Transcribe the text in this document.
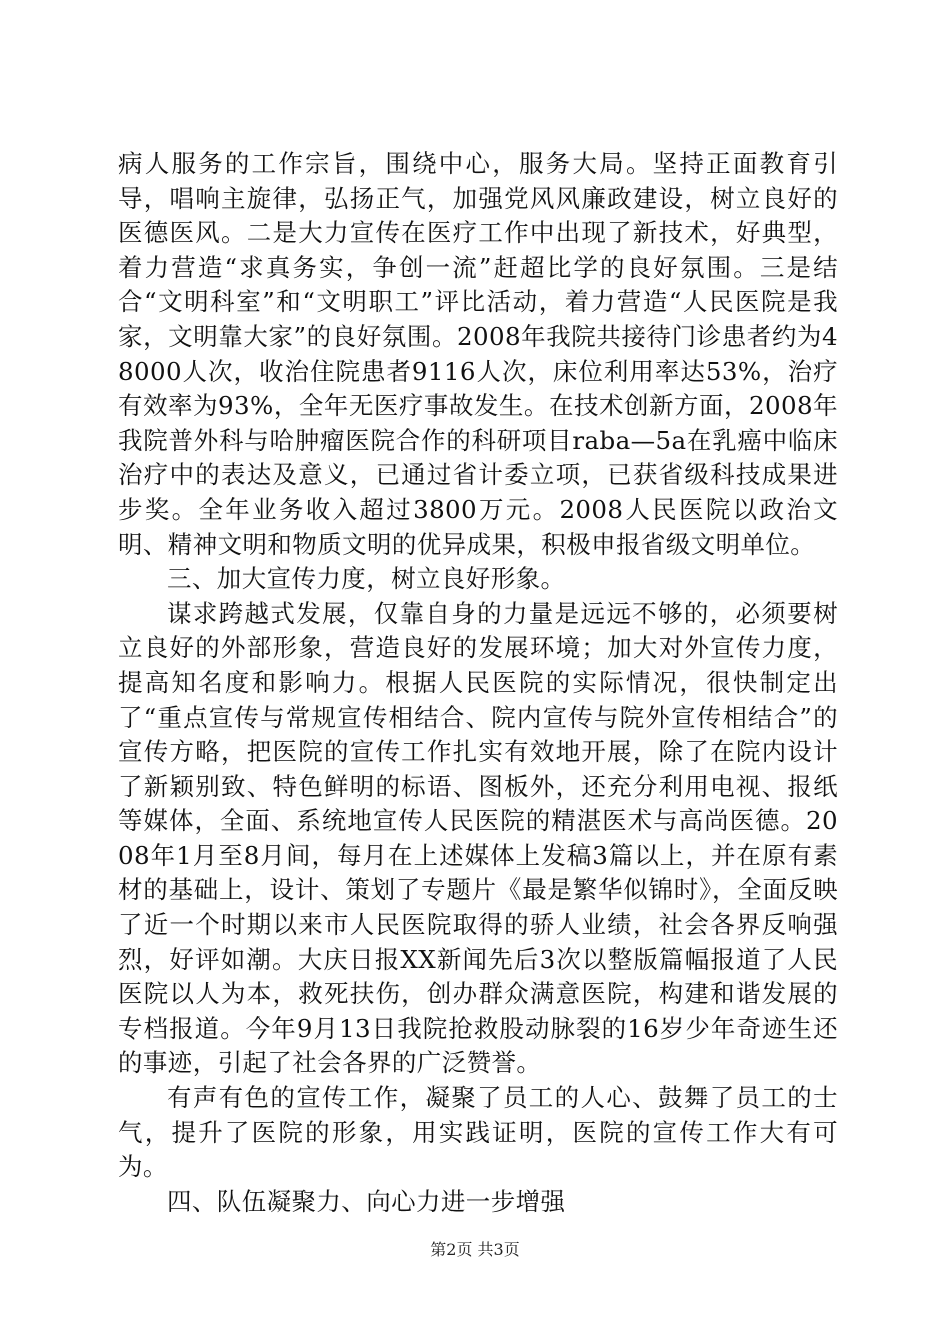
病人服务的工作宗旨，围绕中心，服务大局。坚持正面教育引导，唱响主旋律，弘扬正气，加强党风风廉政建设，树立良好的医德医风。二是大力宣传在医疗工作中出现了新技术，好典型，着力营造“求真务实，争创一流”赶超比学的良好氛围。三是结合“文明科室”和“文明职工”评比活动，着力营造“人民医院是我家，文明靠大家”的良好氛围。2008年我院共接待门诊患者约为48000人次，收治住院患者9116人次，床位利用率达53%，治疗有效率为93%，全年无医疗事故发生。在技术创新方面，2008年我院普外科与哈肿瘤医院合作的科研项目raba—5a在乳癌中临床治疗中的表达及意义，已通过省计委立项，已获省级科技成果进步奖。全年业务收入超过3800万元。2008人民医院以政治文明、精神文明和物质文明的优异成果，积极申报省级文明单位。

三、加大宣传力度，树立良好形象。

谋求跨越式发展，仅靠自身的力量是远远不够的，必须要树立良好的外部形象，营造良好的发展环境；加大对外宣传力度，提高知名度和影响力。根据人民医院的实际情况，很快制定出了“重点宣传与常规宣传相结合、院内宣传与院外宣传相结合”的宣传方略，把医院的宣传工作扎实有效地开展，除了在院内设计了新颖别致、特色鲜明的标语、图板外，还充分利用电视、报纸等媒体，全面、系统地宣传人民医院的精湛医术与高尚医德。2008年1月至8月间，每月在上述媒体上发稿3篇以上，并在原有素材的基础上，设计、策划了专题片《最是繁华似锦时》，全面反映了近一个时期以来市人民医院取得的骄人业绩，社会各界反响强烈，好评如潮。大庆日报XX新闻先后3次以整版篇幅报道了人民医院以人为本，救死扶伤，创办群众满意医院，构建和谐发展的专档报道。今年9月13日我院抢救股动脉裂的16岁少年奇迹生还的事迹，引起了社会各界的广泛赞誉。

有声有色的宣传工作，凝聚了员工的人心、鼓舞了员工的士气，提升了医院的形象，用实践证明，医院的宣传工作大有可为。

四、队伍凝聚力、向心力进一步增强

第2页 共3页
